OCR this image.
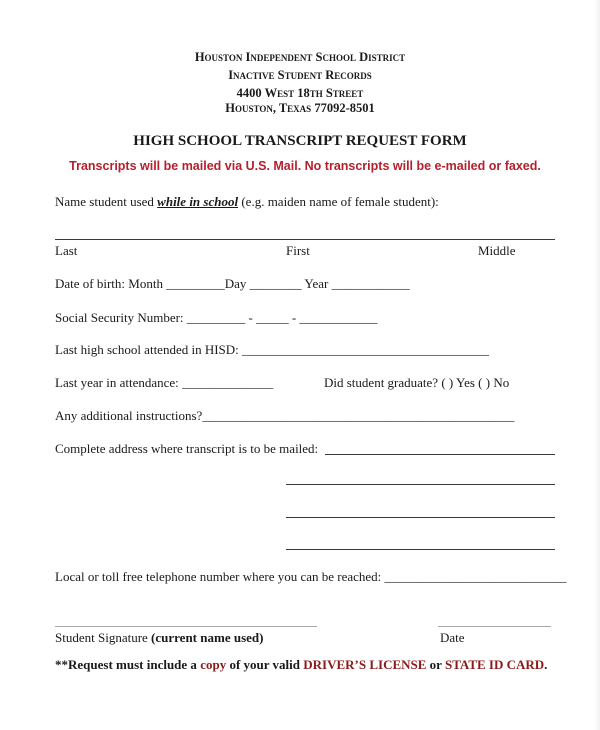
Houston Independent School District
Inactive Student Records
4400 West 18th Street
Houston, Texas 77092-8501
HIGH SCHOOL TRANSCRIPT REQUEST FORM
Transcripts will be mailed via U.S. Mail. No transcripts will be e-mailed or faxed.
Name student used while in school (e.g. maiden name of female student):
Last	First	Middle
Date of birth: Month _________Day ________ Year ____________
Social Security Number: _________ - _____ - ____________
Last high school attended in HISD: ______________________________________
Last year in attendance: ______________	Did student graduate? ( ) Yes ( ) No
Any additional instructions?________________________________________________
Complete address where transcript is to be mailed:
Local or toll free telephone number where you can be reached: ____________________________
Student Signature (current name used)	Date
**Request must include a copy of your valid DRIVER’S LICENSE or STATE ID CARD.
